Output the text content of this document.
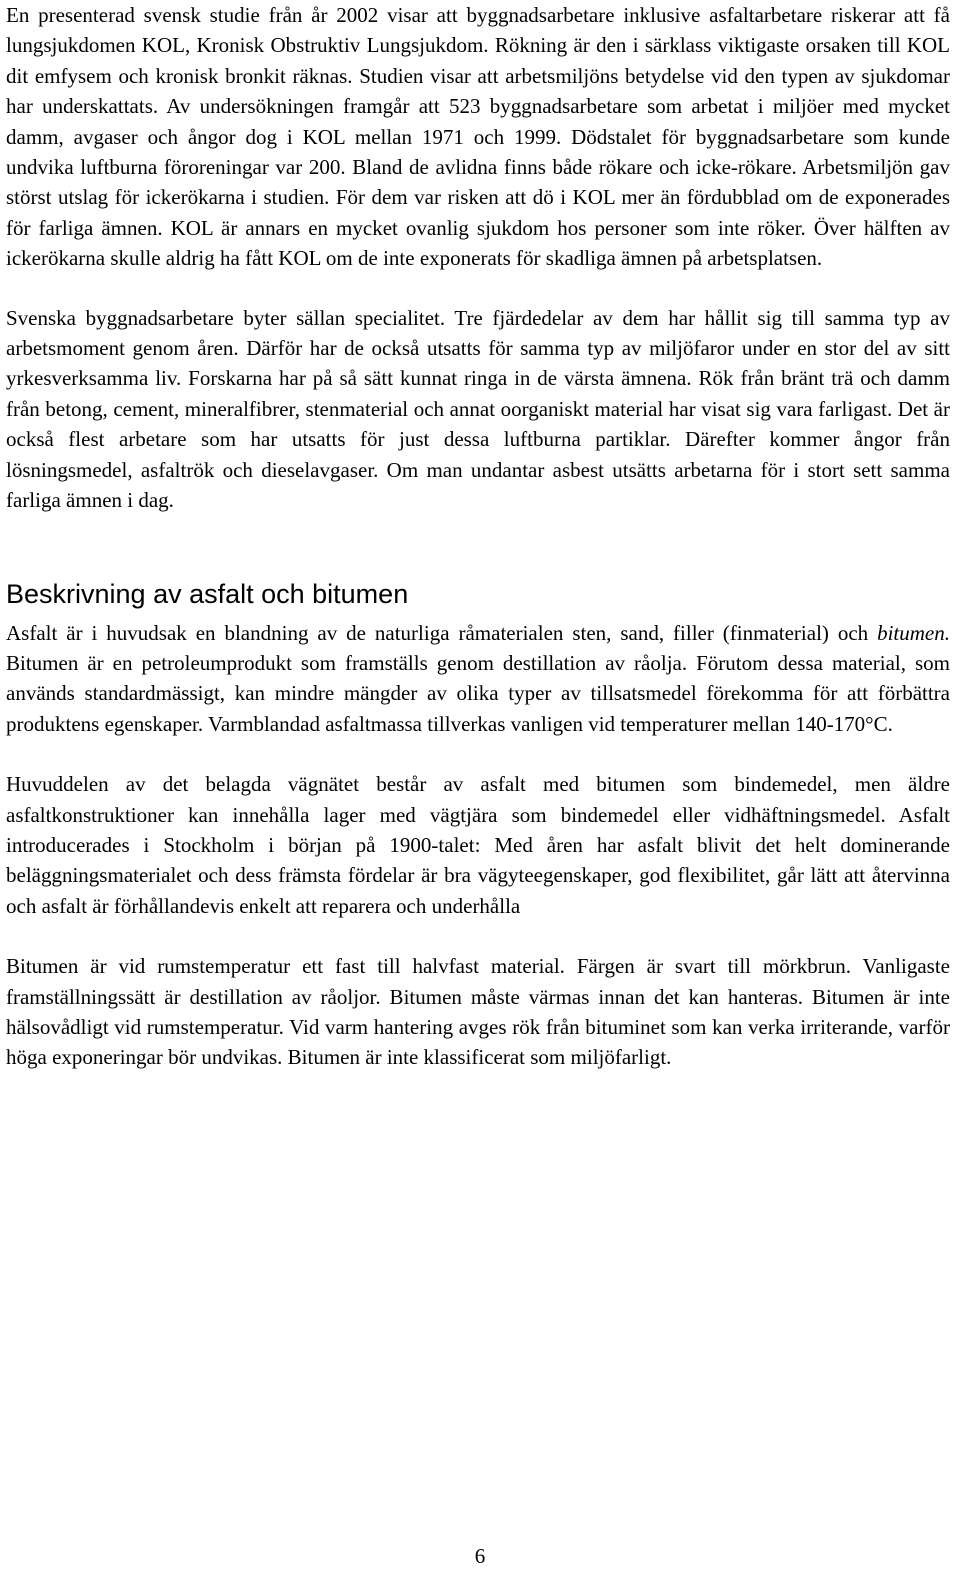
En presenterad svensk studie från år 2002 visar att byggnadsarbetare inklusive asfaltarbetare riskerar att få lungsjukdomen KOL, Kronisk Obstruktiv Lungsjukdom. Rökning är den i särklass viktigaste orsaken till KOL dit emfysem och kronisk bronkit räknas. Studien visar att arbetsmiljöns betydelse vid den typen av sjukdomar har underskattats. Av undersökningen framgår att 523 byggnadsarbetare som arbetat i miljöer med mycket damm, avgaser och ångor dog i KOL mellan 1971 och 1999. Dödstalet för byggnadsarbetare som kunde undvika luftburna föroreningar var 200. Bland de avlidna finns både rökare och icke-rökare. Arbetsmiljön gav störst utslag för ickerökarna i studien. För dem var risken att dö i KOL mer än fördubblad om de exponerades för farliga ämnen. KOL är annars en mycket ovanlig sjukdom hos personer som inte röker. Över hälften av ickerökarna skulle aldrig ha fått KOL om de inte exponerats för skadliga ämnen på arbetsplatsen.

Svenska byggnadsarbetare byter sällan specialitet. Tre fjärdedelar av dem har hållit sig till samma typ av arbetsmoment genom åren. Därför har de också utsatts för samma typ av miljöfaror under en stor del av sitt yrkesverksamma liv. Forskarna har på så sätt kunnat ringa in de värsta ämnena. Rök från bränt trä och damm från betong, cement, mineralfibrer, stenmaterial och annat oorganiskt material har visat sig vara farligast. Det är också flest arbetare som har utsatts för just dessa luftburna partiklar. Därefter kommer ångor från lösningsmedel, asfaltrök och dieselavgaser. Om man undantar asbest utsätts arbetarna för i stort sett samma farliga ämnen i dag.

Beskrivning av asfalt och bitumen

Asfalt är i huvudsak en blandning av de naturliga råmaterialen sten, sand, filler (finmaterial) och bitumen. Bitumen är en petroleumprodukt som framställs genom destillation av råolja. Förutom dessa material, som används standardmässigt, kan mindre mängder av olika typer av tillsatsmedel förekomma för att förbättra produktens egenskaper. Varmblandad asfaltmassa tillverkas vanligen vid temperaturer mellan 140-170°C.

Huvuddelen av det belagda vägnätet består av asfalt med bitumen som bindemedel, men äldre asfaltkonstruktioner kan innehålla lager med vägtjära som bindemedel eller vidhäftningsmedel. Asfalt introducerades i Stockholm i början på 1900-talet: Med åren har asfalt blivit det helt dominerande beläggningsmaterialet och dess främsta fördelar är bra vägyteegenskaper, god flexibilitet, går lätt att återvinna och asfalt är förhållandevis enkelt att reparera och underhålla

Bitumen är vid rumstemperatur ett fast till halvfast material. Färgen är svart till mörkbrun. Vanligaste framställningssätt är destillation av råoljor. Bitumen måste värmas innan det kan hanteras. Bitumen är inte hälsovådligt vid rumstemperatur. Vid varm hantering avges rök från bituminet som kan verka irriterande, varför höga exponeringar bör undvikas. Bitumen är inte klassificerat som miljöfarligt.

6
